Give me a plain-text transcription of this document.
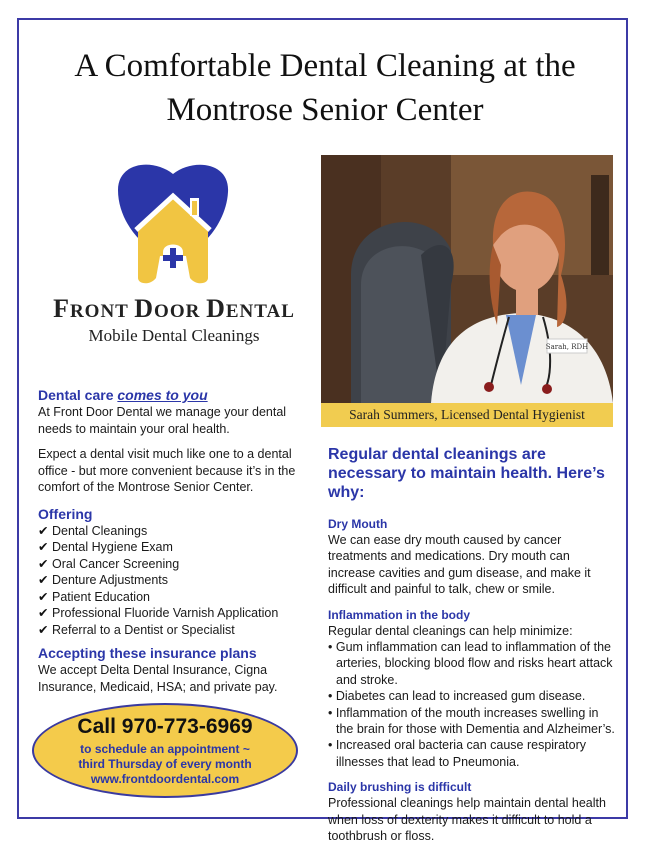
A Comfortable Dental Cleaning at the
Montrose Senior Center
FRONT DOOR DENTAL
Mobile Dental Cleanings
Sarah, RDH
Sarah Summers, Licensed Dental Hygienist

Dental care comes to you

At Front Door Dental we manage your dental needs to maintain your oral health.

Expect a dental visit much like one to a dental office - but more convenient because it’s in the comfort of the Montrose Senior Center.

Offering

✔ Dental Cleanings
✔ Dental Hygiene Exam
✔ Oral Cancer Screening
✔ Denture Adjustments
✔ Patient Education
✔ Professional Fluoride Varnish Application
✔ Referral to a Dentist or Specialist

Accepting these insurance plans

We accept Delta Dental Insurance, Cigna Insurance, Medicaid, HSA; and private pay.

Call 970-773-6969
to schedule an appointment ~
third Thursday of every month
www.frontdoordental.com

Regular dental cleanings are necessary to maintain health. Here’s why:

Dry Mouth

We can ease dry mouth caused by cancer treatments and medications. Dry mouth can increase cavities and gum disease, and make it difficult and painful to talk, chew or smile.

Inflammation in the body

Regular dental cleanings can help minimize:

• Gum inflammation can lead to inflammation of the arteries, blocking blood flow and risks heart attack and stroke.
• Diabetes can lead to increased gum disease.
• Inflammation of the mouth increases swelling in the brain for those with Dementia and Alzheimer’s.
• Increased oral bacteria can cause respiratory illnesses that lead to Pneumonia.

Daily brushing is difficult

Professional cleanings help maintain dental health when loss of dexterity makes it difficult to hold a toothbrush or floss.
